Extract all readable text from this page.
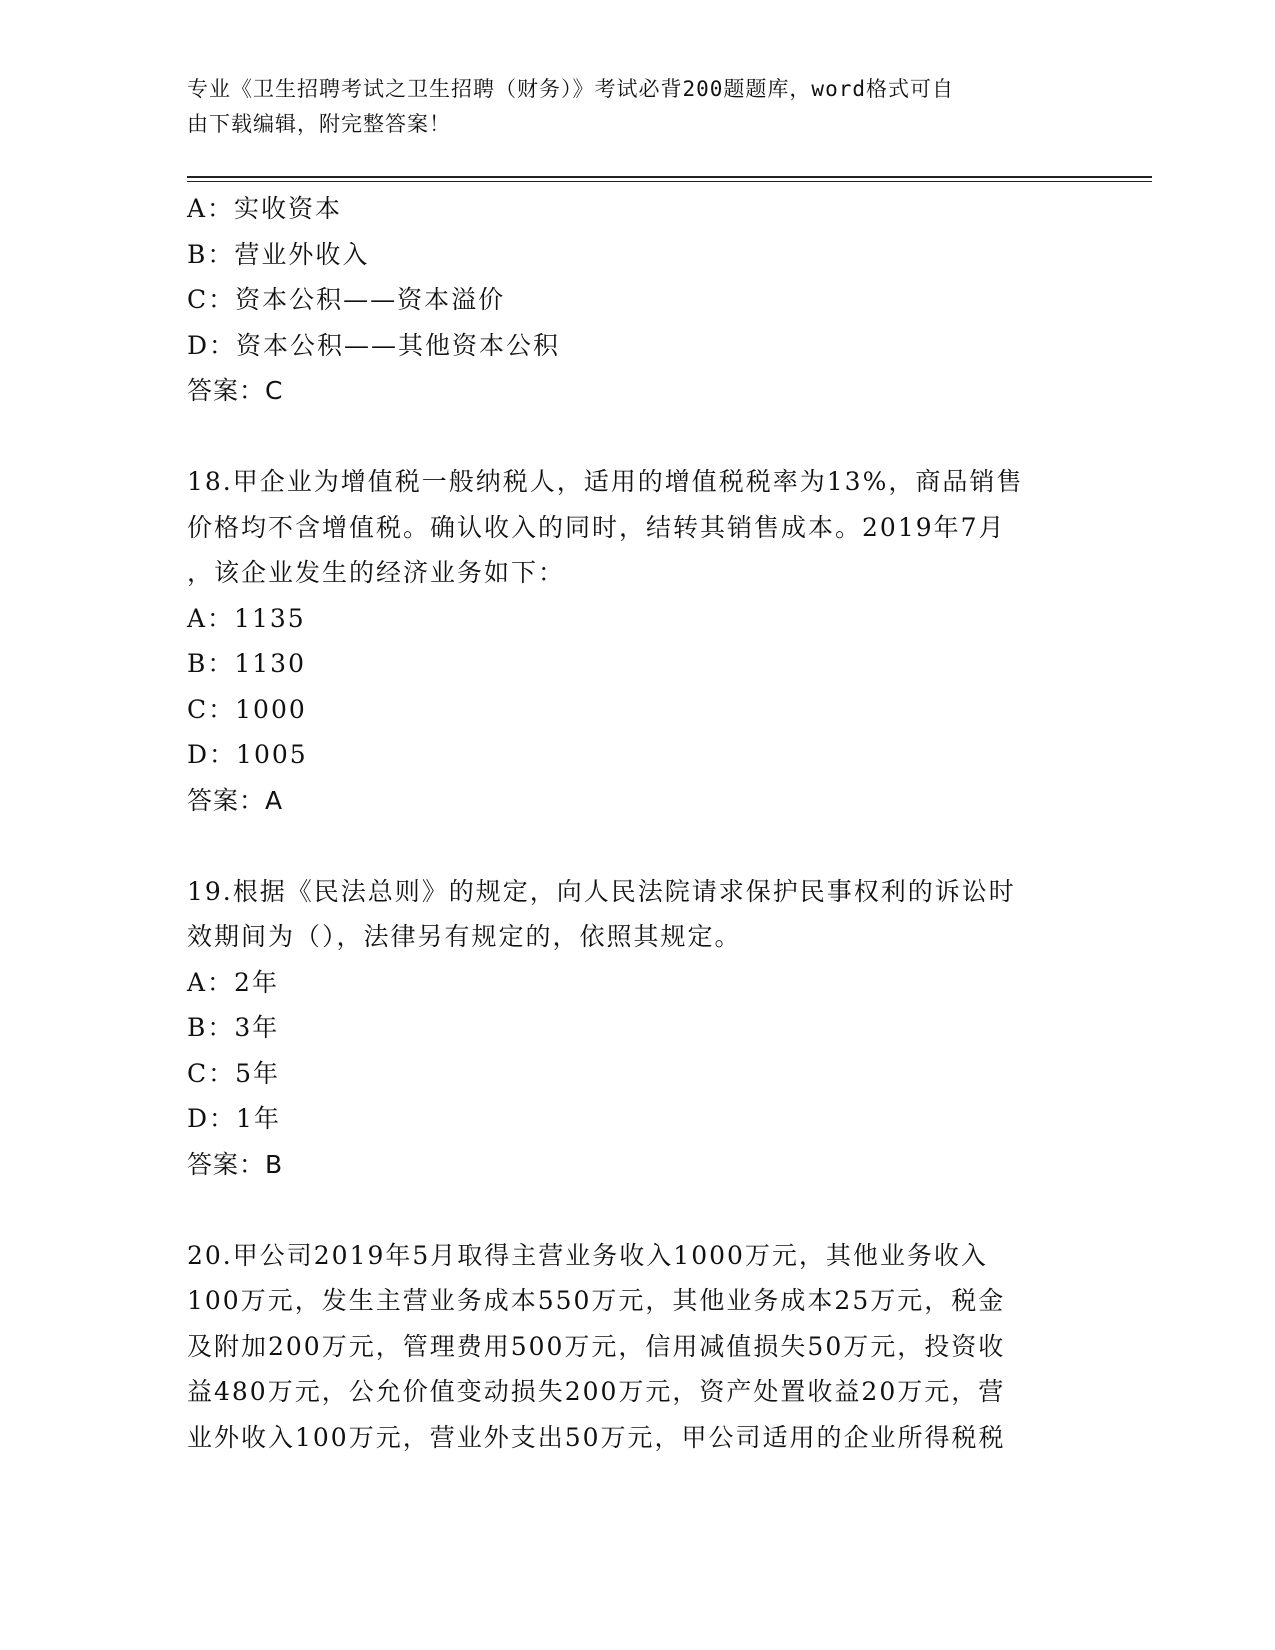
专业《卫生招聘考试之卫生招聘（财务）》考试必背200题题库，word格式可自
由下载编辑，附完整答案！
A：实收资本
B：营业外收入
C：资本公积——资本溢价
D：资本公积——其他资本公积
答案：C
18.甲企业为增值税一般纳税人，适用的增值税税率为13%，商品销售
价格均不含增值税。确认收入的同时，结转其销售成本。2019年7月
，该企业发生的经济业务如下：
A：1135
B：1130
C：1000
D：1005
答案：A
19.根据《民法总则》的规定，向人民法院请求保护民事权利的诉讼时
效期间为（），法律另有规定的，依照其规定。
A：2年
B：3年
C：5年
D：1年
答案：B
20.甲公司2019年5月取得主营业务收入1000万元，其他业务收入
100万元，发生主营业务成本550万元，其他业务成本25万元，税金
及附加200万元，管理费用500万元，信用减值损失50万元，投资收
益480万元，公允价值变动损失200万元，资产处置收益20万元，营
业外收入100万元，营业外支出50万元，甲公司适用的企业所得税税
